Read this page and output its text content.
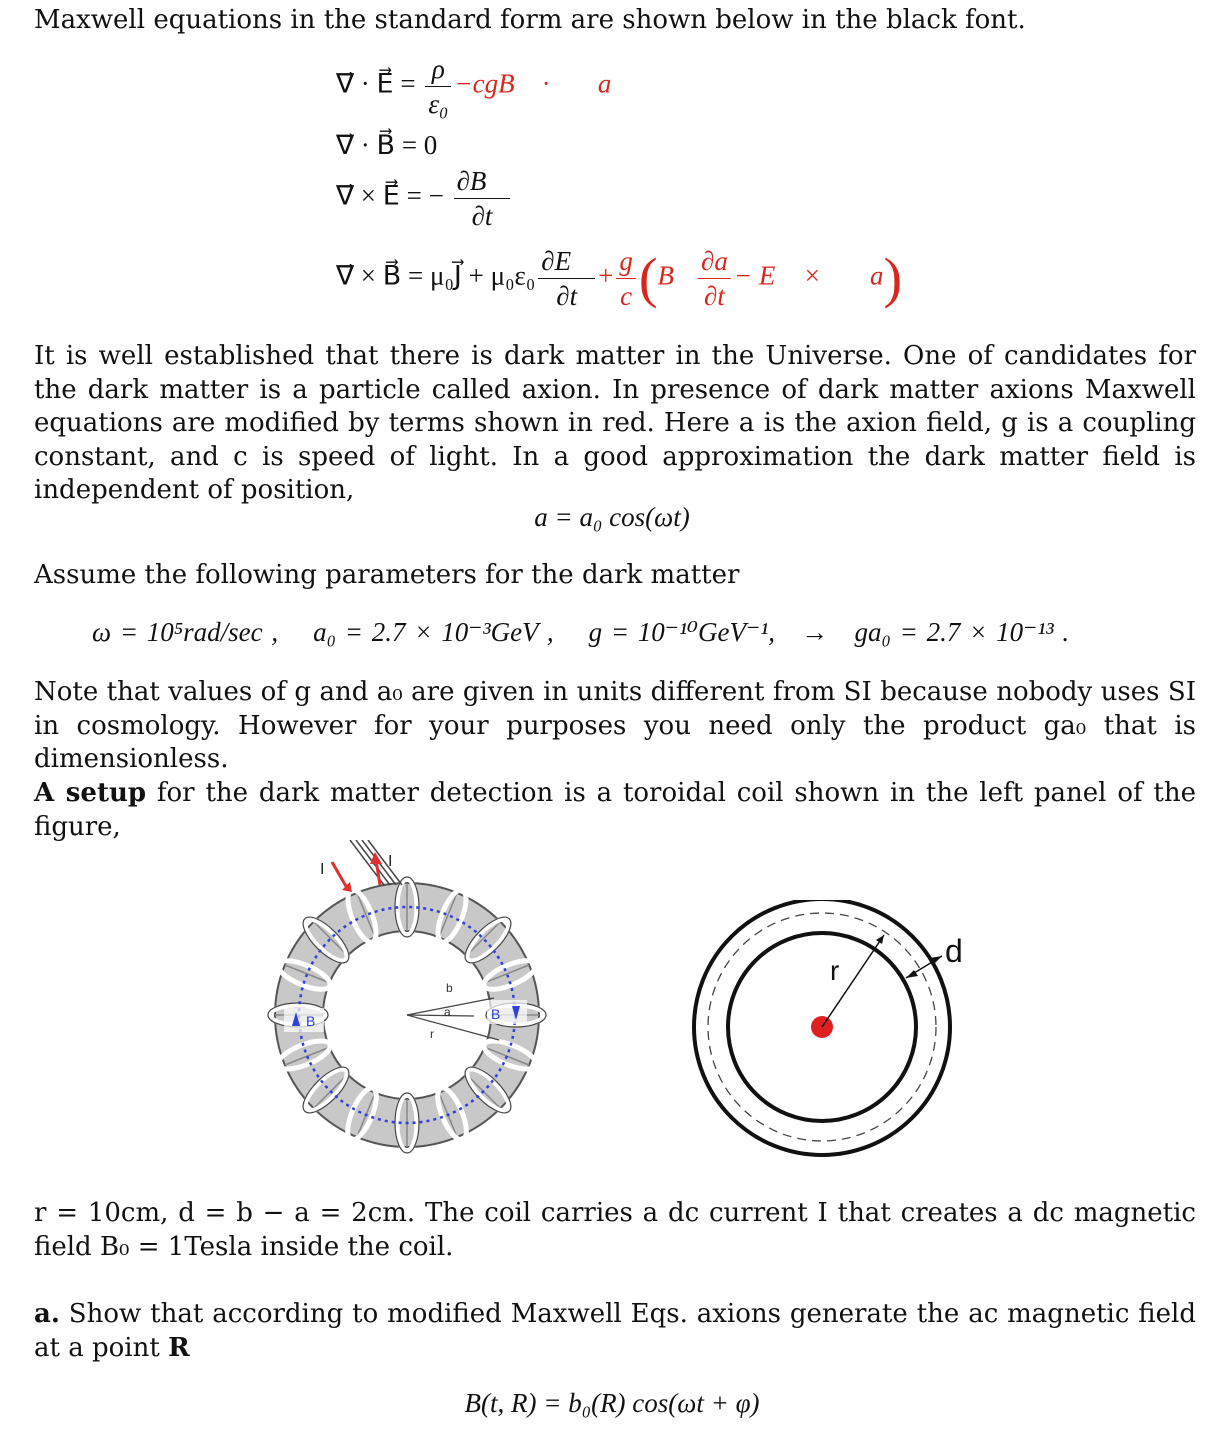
Maxwell equations in the standard form are shown below in the black font.
∇⃗ · E⃗ = $\frac{\rho}{\text{ε₀}}$ −cgB⃗ · ∇⃗a
∇⃗ · B⃗ = 0
∇⃗ × E⃗ = − $\frac{\partial B⃗}{\partial t}$
∇⃗ × B⃗ = μ₀J⃗ + $\mu_0\varepsilon_0 \frac{\partial E⃗}{\partial t} + \frac{g}{c}$ (B⃗ $\frac{\partial a}{\partial t}$ − E⃗ × ∇⃗a)
It is well established that there is dark matter in the Universe. One of candidates for the dark matter is a particle called axion. In presence of dark matter axions Maxwell equations are modified by terms shown in red. Here a is the axion field, g is a coupling constant, and c is speed of light. In a good approximation the dark matter field is independent of position,
a = a₀ cos(ωt)
Assume the following parameters for the dark matter
ω = 10⁵rad/sec , a₀ = 2.7 × 10⁻³GeV , g = 10⁻¹⁰GeV⁻¹, → ga₀ = 2.7 × 10⁻¹³ .
Note that values of g and a₀ are given in units different from SI because nobody uses SI in cosmology. However for your purposes you need only the product ga₀ that is dimensionless.
A setup for the dark matter detection is a toroidal coil shown in the left panel of the figure,
I	I
B	B
b
a
r
r
d
r = 10cm, d = b − a = 2cm. The coil carries a dc current I that creates a dc magnetic field B₀ = 1Tesla inside the coil.
a. Show that according to modified Maxwell Eqs. axions generate the ac magnetic field at a point R
B(t, R) = b₀(R) cos(ωt + φ)
